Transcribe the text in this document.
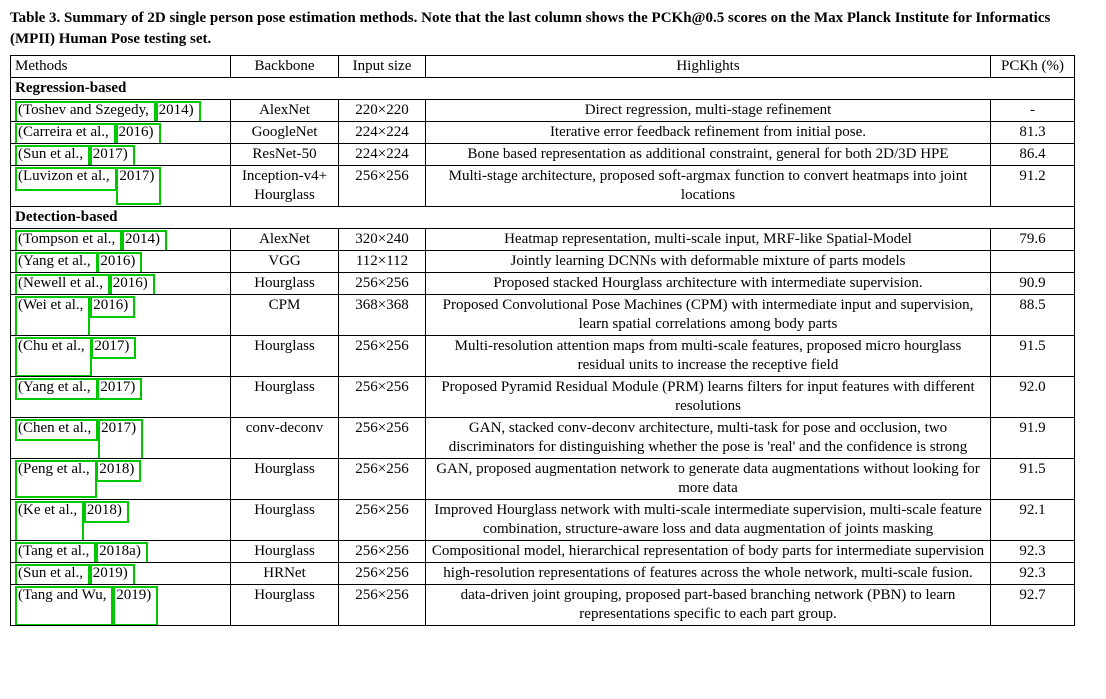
Table 3. Summary of 2D single person pose estimation methods. Note that the last column shows the PCKh@0.5 scores on the Max Planck Institute for Informatics (MPII) Human Pose testing set.

Methods	Backbone	Input size	Highlights	PCKh (%)
Regression-based				
(Toshev and Szegedy, 2014)	AlexNet	220×220	Direct regression, multi-stage refinement	-
(Carreira et al., 2016)	GoogleNet	224×224	Iterative error feedback refinement from initial pose.	81.3
(Sun et al., 2017)	ResNet-50	224×224	Bone based representation as additional constraint, general for both 2D/3D HPE	86.4
(Luvizon et al., 2017)	Inception-v4+ Hourglass	256×256	Multi-stage architecture, proposed soft-argmax function to convert heatmaps into joint locations	91.2
Detection-based				
(Tompson et al., 2014)	AlexNet	320×240	Heatmap representation, multi-scale input, MRF-like Spatial-Model	79.6
(Yang et al., 2016)	VGG	112×112	Jointly learning DCNNs with deformable mixture of parts models	
(Newell et al., 2016)	Hourglass	256×256	Proposed stacked Hourglass architecture with intermediate supervision.	90.9
(Wei et al., 2016)	CPM	368×368	Proposed Convolutional Pose Machines (CPM) with intermediate input and supervision, learn spatial correlations among body parts	88.5
(Chu et al., 2017)	Hourglass	256×256	Multi-resolution attention maps from multi-scale features, proposed micro hourglass residual units to increase the receptive field	91.5
(Yang et al., 2017)	Hourglass	256×256	Proposed Pyramid Residual Module (PRM) learns filters for input features with different resolutions	92.0
(Chen et al., 2017)	conv-deconv	256×256	GAN, stacked conv-deconv architecture, multi-task for pose and occlusion, two discriminators for distinguishing whether the pose is 'real' and the confidence is strong	91.9
(Peng et al., 2018)	Hourglass	256×256	GAN, proposed augmentation network to generate data augmentations without looking for more data	91.5
(Ke et al., 2018)	Hourglass	256×256	Improved Hourglass network with multi-scale intermediate supervision, multi-scale feature combination, structure-aware loss and data augmentation of joints masking	92.1
(Tang et al., 2018a)	Hourglass	256×256	Compositional model, hierarchical representation of body parts for intermediate supervision	92.3
(Sun et al., 2019)	HRNet	256×256	high-resolution representations of features across the whole network, multi-scale fusion.	92.3
(Tang and Wu, 2019)	Hourglass	256×256	data-driven joint grouping, proposed part-based branching network (PBN) to learn representations specific to each part group.	92.7
